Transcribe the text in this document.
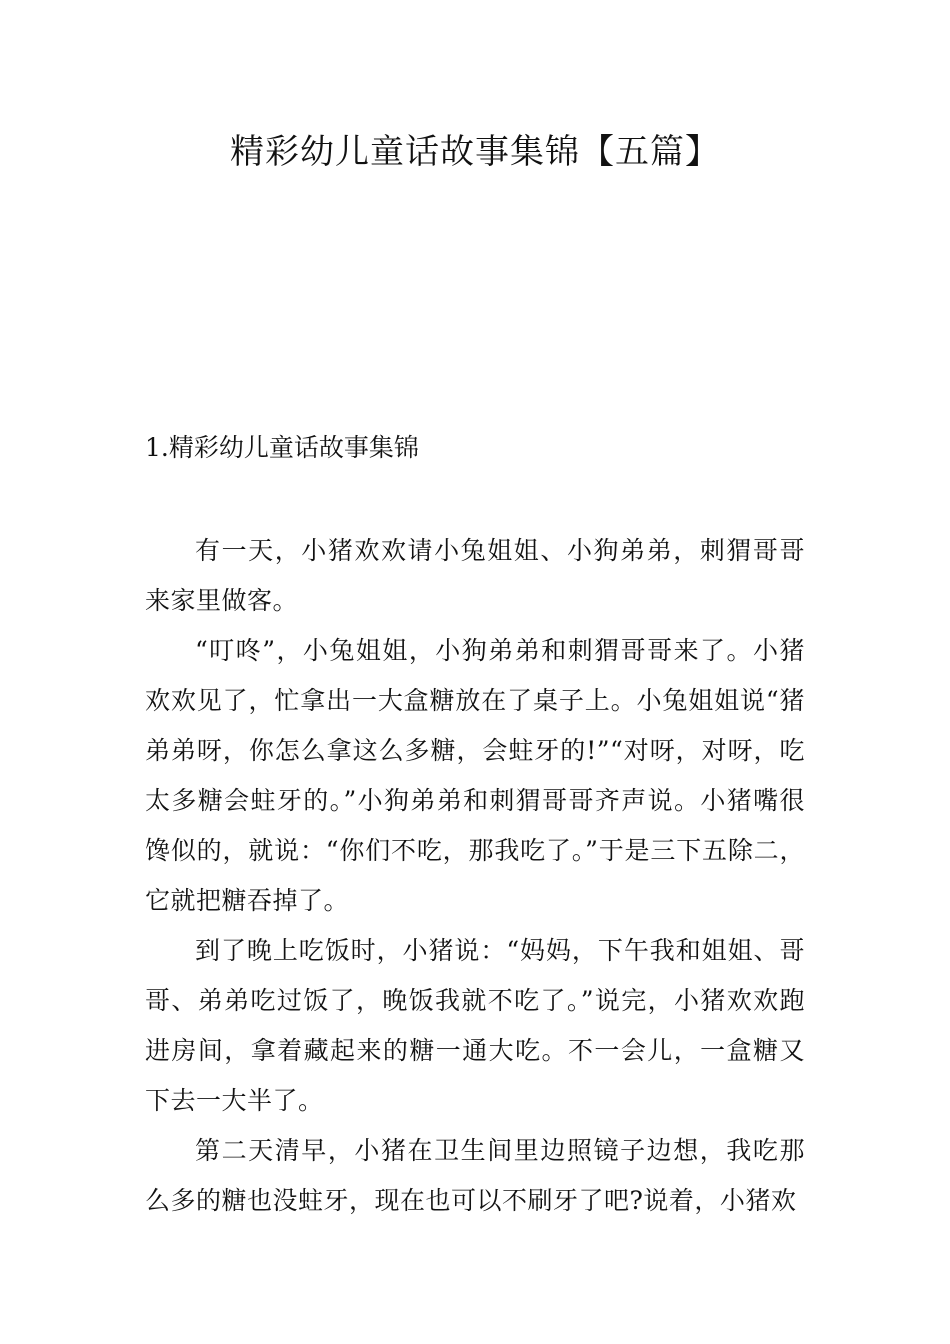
精彩幼儿童话故事集锦【五篇】
1.精彩幼儿童话故事集锦

有一天，小猪欢欢请小兔姐姐、小狗弟弟，刺猬哥哥来家里做客。

“叮咚”，小兔姐姐，小狗弟弟和刺猬哥哥来了。小猪欢欢见了，忙拿出一大盒糖放在了桌子上。小兔姐姐说“猪弟弟呀，你怎么拿这么多糖，会蛀牙的!”“对呀，对呀，吃太多糖会蛀牙的。”小狗弟弟和刺猬哥哥齐声说。小猪嘴很馋似的，就说：“你们不吃，那我吃了。”于是三下五除二，它就把糖吞掉了。

到了晚上吃饭时，小猪说：“妈妈，下午我和姐姐、哥哥、弟弟吃过饭了，晚饭我就不吃了。”说完，小猪欢欢跑进房间，拿着藏起来的糖一通大吃。不一会儿，一盒糖又下去一大半了。

第二天清早，小猪在卫生间里边照镜子边想，我吃那么多的糖也没蛀牙，现在也可以不刷牙了吧?说着，小猪欢
